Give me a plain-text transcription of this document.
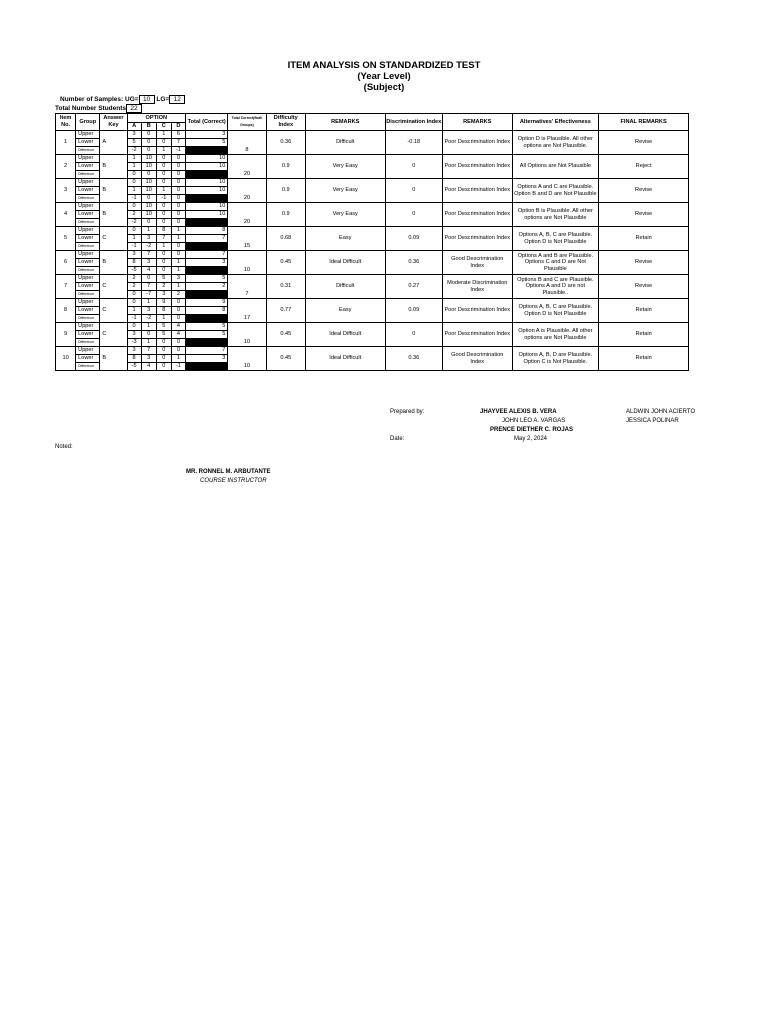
ITEM ANALYSIS ON STANDARDIZED TEST
(Year Level)
(Subject)
Number of Samples: UG= 10 LG= 12
Total Number Students 22
Item No.	Group	Answer Key	OPTION				Total (Correct)	Total Correct(Both Groups)	Difficulty Index	REMARKS	Discrimination Index	REMARKS	Alternatives' Effectiveness	FINAL REMARKS
			A	B	C	D								
1	Upper	A	3	0	1	6	3	8	0.36	Difficult	-0.18	Poor Descrimination Index	Option D is Plausible. All other options are Not Plausible.	Revise
	Lower		5	0	0	7	5							
	Difference		-2	0	1	-1								
2	Upper	B	1	10	0	0	10	20	0.9	Very Easy	0	Poor Descrimination Index	All Options are Not Plausible	Reject
	Lower		1	10	0	0	10							
	Difference		0	0	0	0								
3	Upper	B	0	10	0	0	10	20	0.9	Very Easy	0	Poor Descrimination Index	Options A and C are Plausible. Option B and D are Not Plausible	Revise
	Lower		1	10	1	0	10							
	Difference		-1	0	-1	0								
4	Upper	B	0	10	0	0	10	20	0.9	Very Easy	0	Poor Descrimination Index	Option B is Plausible. All other options are Not Plausible	Revise
	Lower		2	10	0	0	10							
	Difference		-2	0	0	0								
5	Upper	C	0	1	8	1	8	15	0.68	Easy	0.09	Poor Descrimination Index	Options A, B, C are Plausible. Option D is Not Plausible	Retain
	Lower		1	3	7	1	7							
	Difference		-1	-2	1	0								
6	Upper	B	3	7	0	0	7	10	0.45	Ideal Difficult	0.36	Good Descrimination Index	Options A and B are Plausible. Options C and D are Not Plausible	Revise
	Lower		8	3	0	1	3							
	Difference		-5	4	0	1								
7	Upper	C	2	0	5	3	5	7	0.31	Difficult	0.27	Moderate Discrimination Index	Options B and C are Plausible. Options A and D are not Plausible..	Revise
	Lower		2	7	2	1	2							
	Difference		0	-7	3	2								
8	Upper	C	0	1	9	0	9	17	0.77	Easy	0.09	Poor Descrimination Index	Options A, B, C are Plausible. Option D is Not Plausible	Retain
	Lower		1	3	8	0	8							
	Difference		-1	-2	1	0								
9	Upper	C	0	1	5	4	5	10	0.45	Ideal Difficult	0	Poor Descrimination Index	Option A is Plausible. All other options are Not Plausible	Retain
	Lower		3	0	5	4	5							
	Difference		-3	1	0	0								
10	Upper	B	3	7	0	0	7	10	0.45	Ideal Difficult	0.36	Good Descrimination Index	Options A, B, D are Plausible. Option C is Not Plausible.	Retain
	Lower		8	3	0	1	3							
	Difference		-5	4	0	-1								
Prepared by:	JHAYVEE ALEXIS B. VERA
JOHN LEO A. VARGAS
PRENCE DIETHER C. ROJAS
ALDWIN JOHN ACIERTO
JESSICA POLINAR
Date:	May 2, 2024
Noted:
MR. RONNEL M. ARBUTANTE
COURSE INSTRUCTOR
